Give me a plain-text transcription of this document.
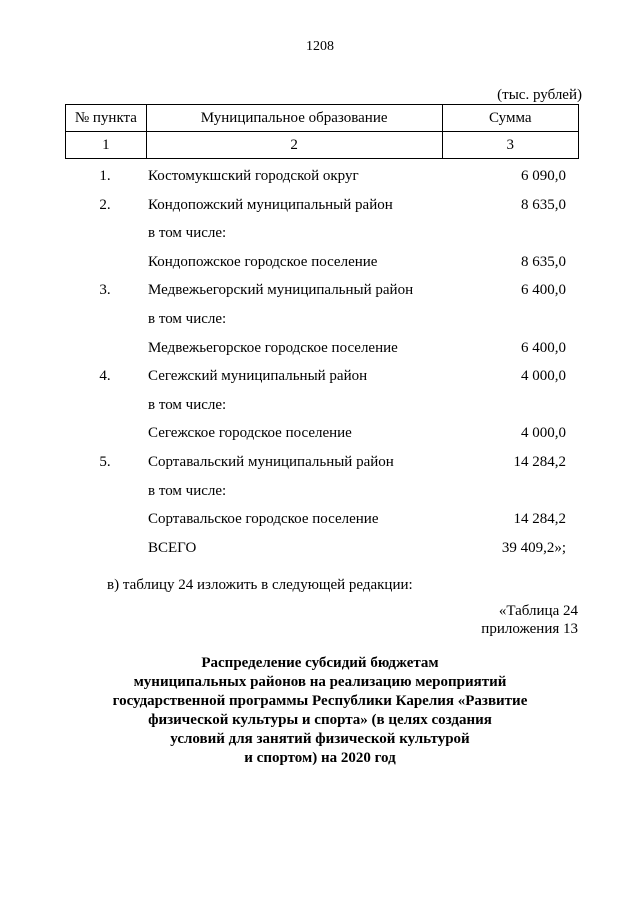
1208
(тыс. рублей)
№ пункта	Муниципальное образование	Сумма
1	2	3
1.	Костомукшский городской округ	6 090,0
2.	Кондопожский муниципальный район	8 635,0
в том числе:
Кондопожское городское поселение	8 635,0
3.	Медвежьегорский муниципальный район	6 400,0
в том числе:
Медвежьегорское городское поселение	6 400,0
4.	Сегежский муниципальный район	4 000,0
в том числе:
Сегежское городское поселение	4 000,0
5.	Сортавальский муниципальный район	14 284,2
в том числе:
Сортавальское городское поселение	14 284,2
ВСЕГО	39 409,2»;
в) таблицу 24 изложить в следующей редакции:
«Таблица 24
приложения 13
Распределение субсидий бюджетам
муниципальных районов на реализацию мероприятий
государственной программы Республики Карелия «Развитие
физической культуры и спорта» (в целях создания
условий для занятий физической культурой
и спортом) на 2020 год
